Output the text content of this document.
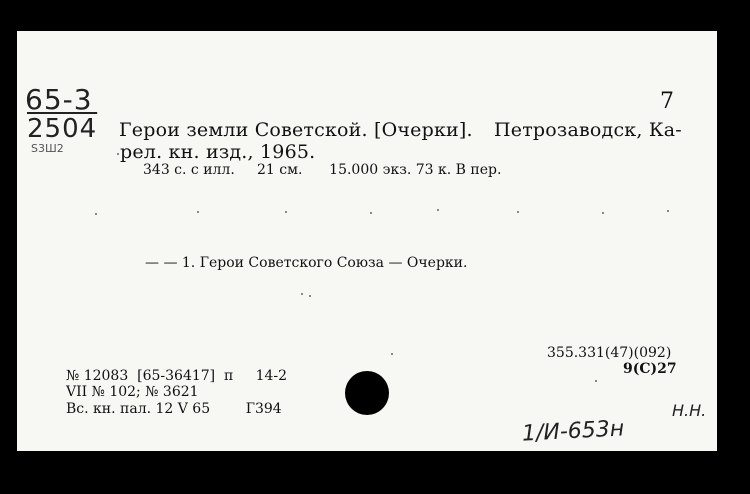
65-3
2504
Ѕ3Ш2
7
Герои земли Советской. [Очерки]. Петрозаводск, Ка-
рел. кн. изд., 1965.
343 с. с илл.     21 см.      15.000 экз. 73 к. В пер.
— — 1. Герои Советского Союза — Очерки.
355.331(47)(092)
9(С)27
№ 12083  [65-36417]  п     14-2
VII № 102; № 3621
Вс. кн. пал. 12 V 65        Г394	Н.Н.
1/И-653н
